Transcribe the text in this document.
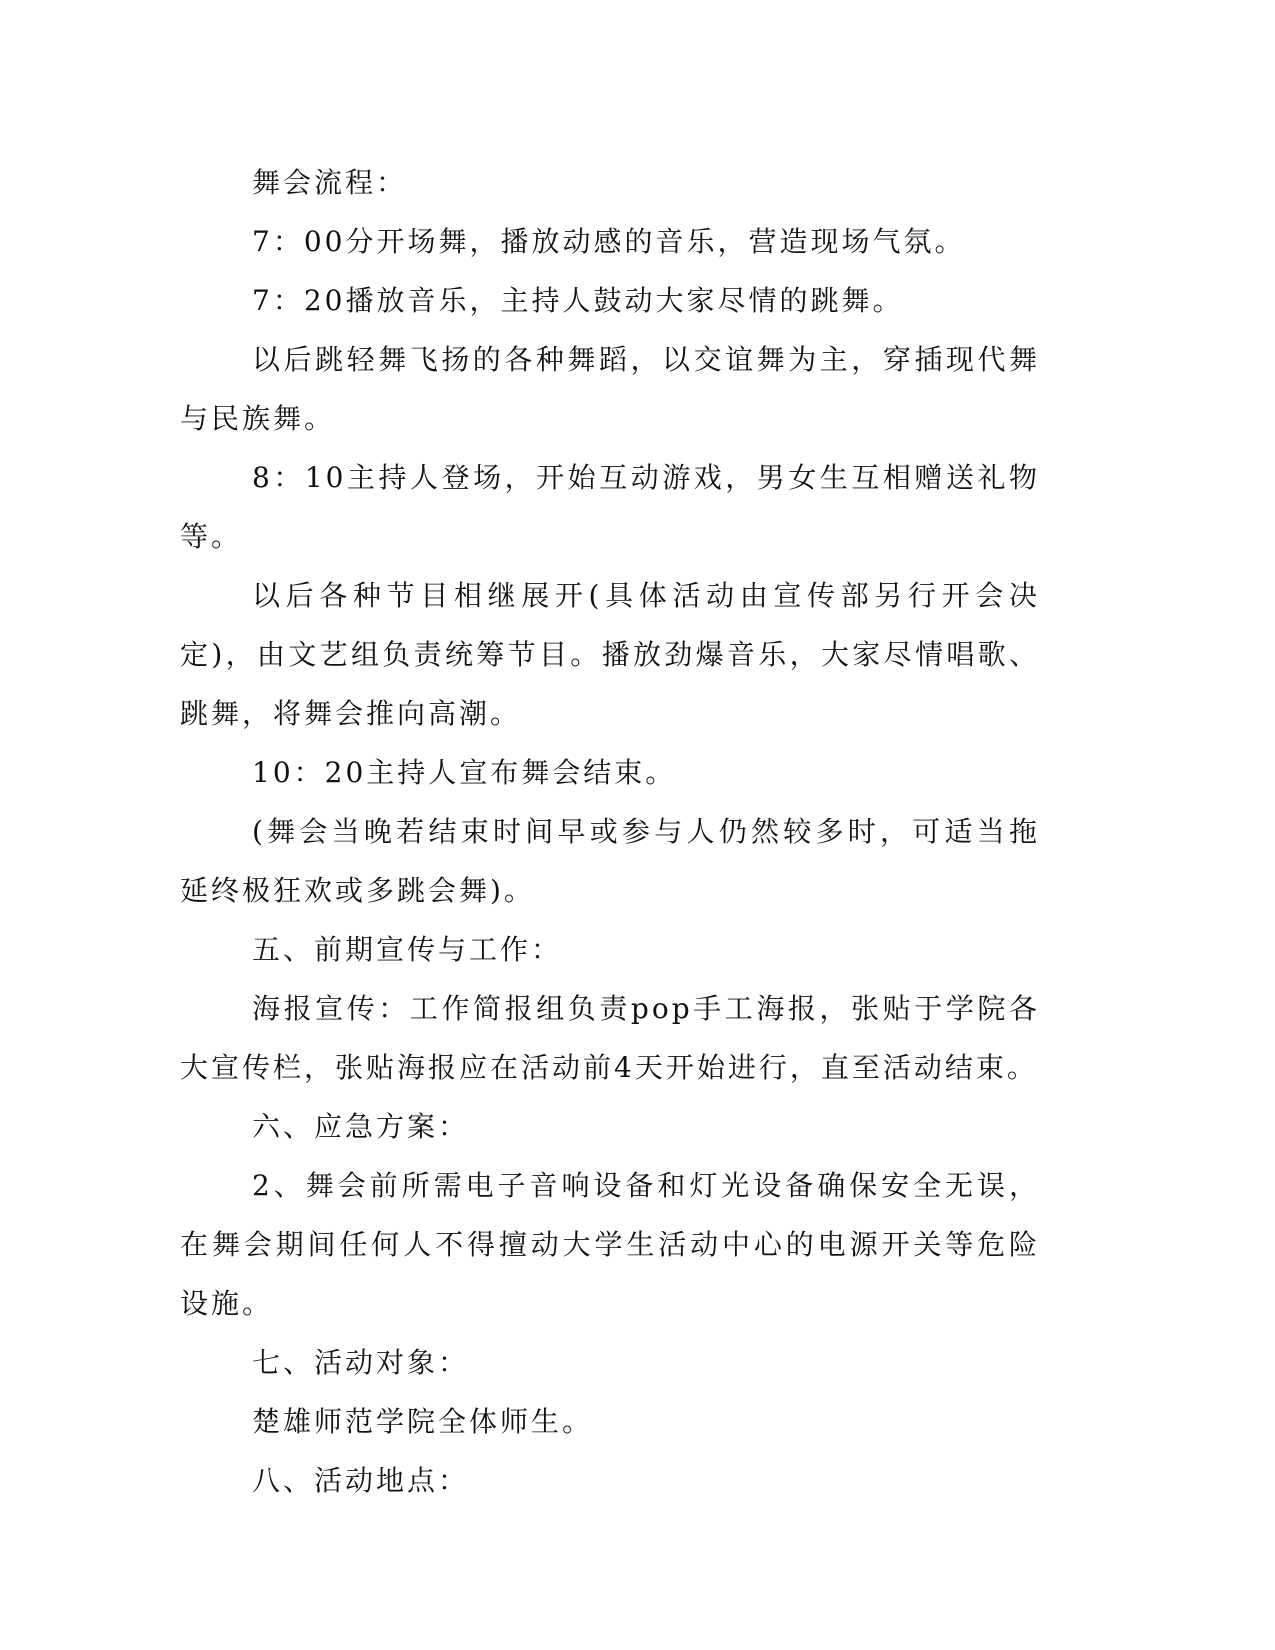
舞会流程：

7：00分开场舞，播放动感的音乐，营造现场气氛。

7：20播放音乐，主持人鼓动大家尽情的跳舞。

以后跳轻舞飞扬的各种舞蹈，以交谊舞为主，穿插现代舞与民族舞。

8：10主持人登场，开始互动游戏，男女生互相赠送礼物等。

以后各种节目相继展开(具体活动由宣传部另行开会决定)，由文艺组负责统筹节目。播放劲爆音乐，大家尽情唱歌、跳舞，将舞会推向高潮。

10：20主持人宣布舞会结束。

(舞会当晚若结束时间早或参与人仍然较多时，可适当拖延终极狂欢或多跳会舞)。

五、前期宣传与工作：

海报宣传：工作简报组负责pop手工海报，张贴于学院各大宣传栏，张贴海报应在活动前4天开始进行，直至活动结束。

六、应急方案：

2、舞会前所需电子音响设备和灯光设备确保安全无误，在舞会期间任何人不得擅动大学生活动中心的电源开关等危险设施。

七、活动对象：

楚雄师范学院全体师生。

八、活动地点：
